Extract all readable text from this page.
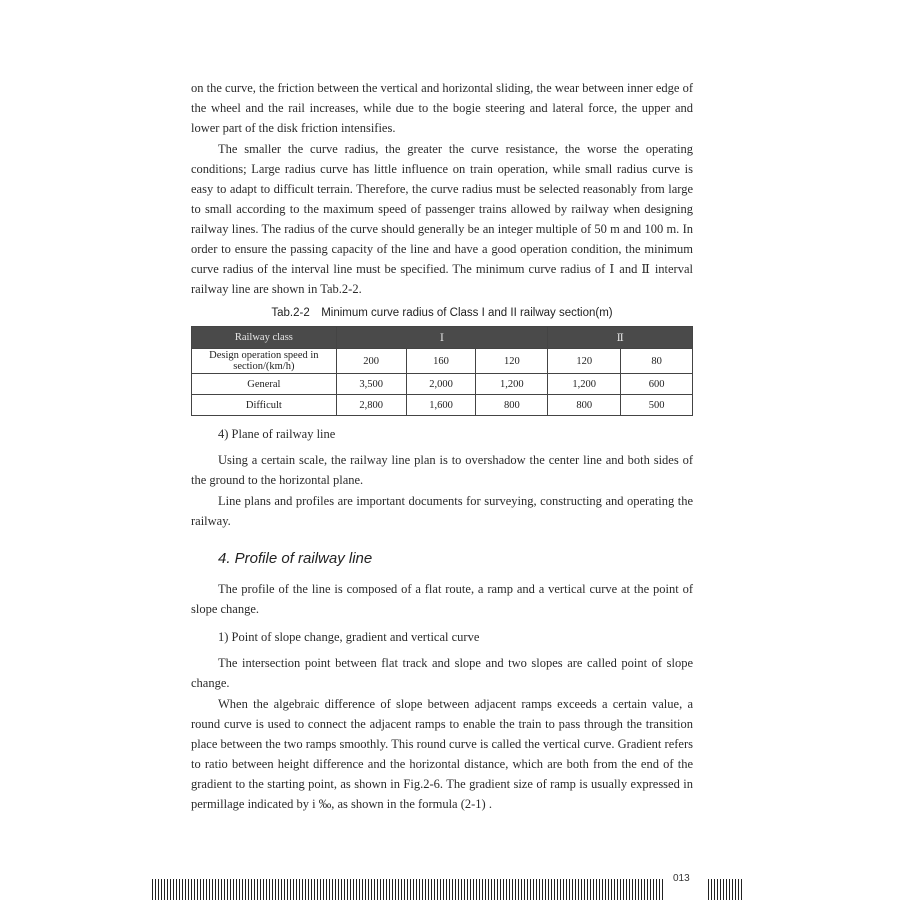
on the curve, the friction between the vertical and horizontal sliding, the wear between inner edge of the wheel and the rail increases, while due to the bogie steering and lateral force, the upper and lower part of the disk friction intensifies.

The smaller the curve radius, the greater the curve resistance, the worse the operating conditions; Large radius curve has little influence on train operation, while small radius curve is easy to adapt to difficult terrain. Therefore, the curve radius must be selected reasonably from large to small according to the maximum speed of passenger trains allowed by railway when designing railway lines. The radius of the curve should generally be an integer multiple of 50 m and 100 m. In order to ensure the passing capacity of the line and have a good operation condition, the minimum curve radius of the interval line must be specified. The minimum curve radius of Ⅰ and Ⅱ interval railway line are shown in Tab.2-2.

Tab.2-2　Minimum curve radius of Class I and II railway section(m)
Railway class	Ⅰ			Ⅱ	
Design operation speed in section/(km/h)	200	160	120	120	80
General	3,500	2,000	1,200	1,200	600
Difficult	2,800	1,600	800	800	500
4) Plane of railway line

Using a certain scale, the railway line plan is to overshadow the center line and both sides of the ground to the horizontal plane.

Line plans and profiles are important documents for surveying, constructing and operating the railway.

4. Profile of railway line

The profile of the line is composed of a flat route, a ramp and a vertical curve at the point of slope change.

1) Point of slope change, gradient and vertical curve

The intersection point between flat track and slope and two slopes are called point of slope change.

When the algebraic difference of slope between adjacent ramps exceeds a certain value, a round curve is used to connect the adjacent ramps to enable the train to pass through the transition place between the two ramps smoothly. This round curve is called the vertical curve. Gradient refers to ratio between height difference and the horizontal distance, which are both from the end of the gradient to the starting point, as shown in Fig.2-6. The gradient size of ramp is usually expressed in permillage indicated by i ‰, as shown in the formula (2-1) .

013
